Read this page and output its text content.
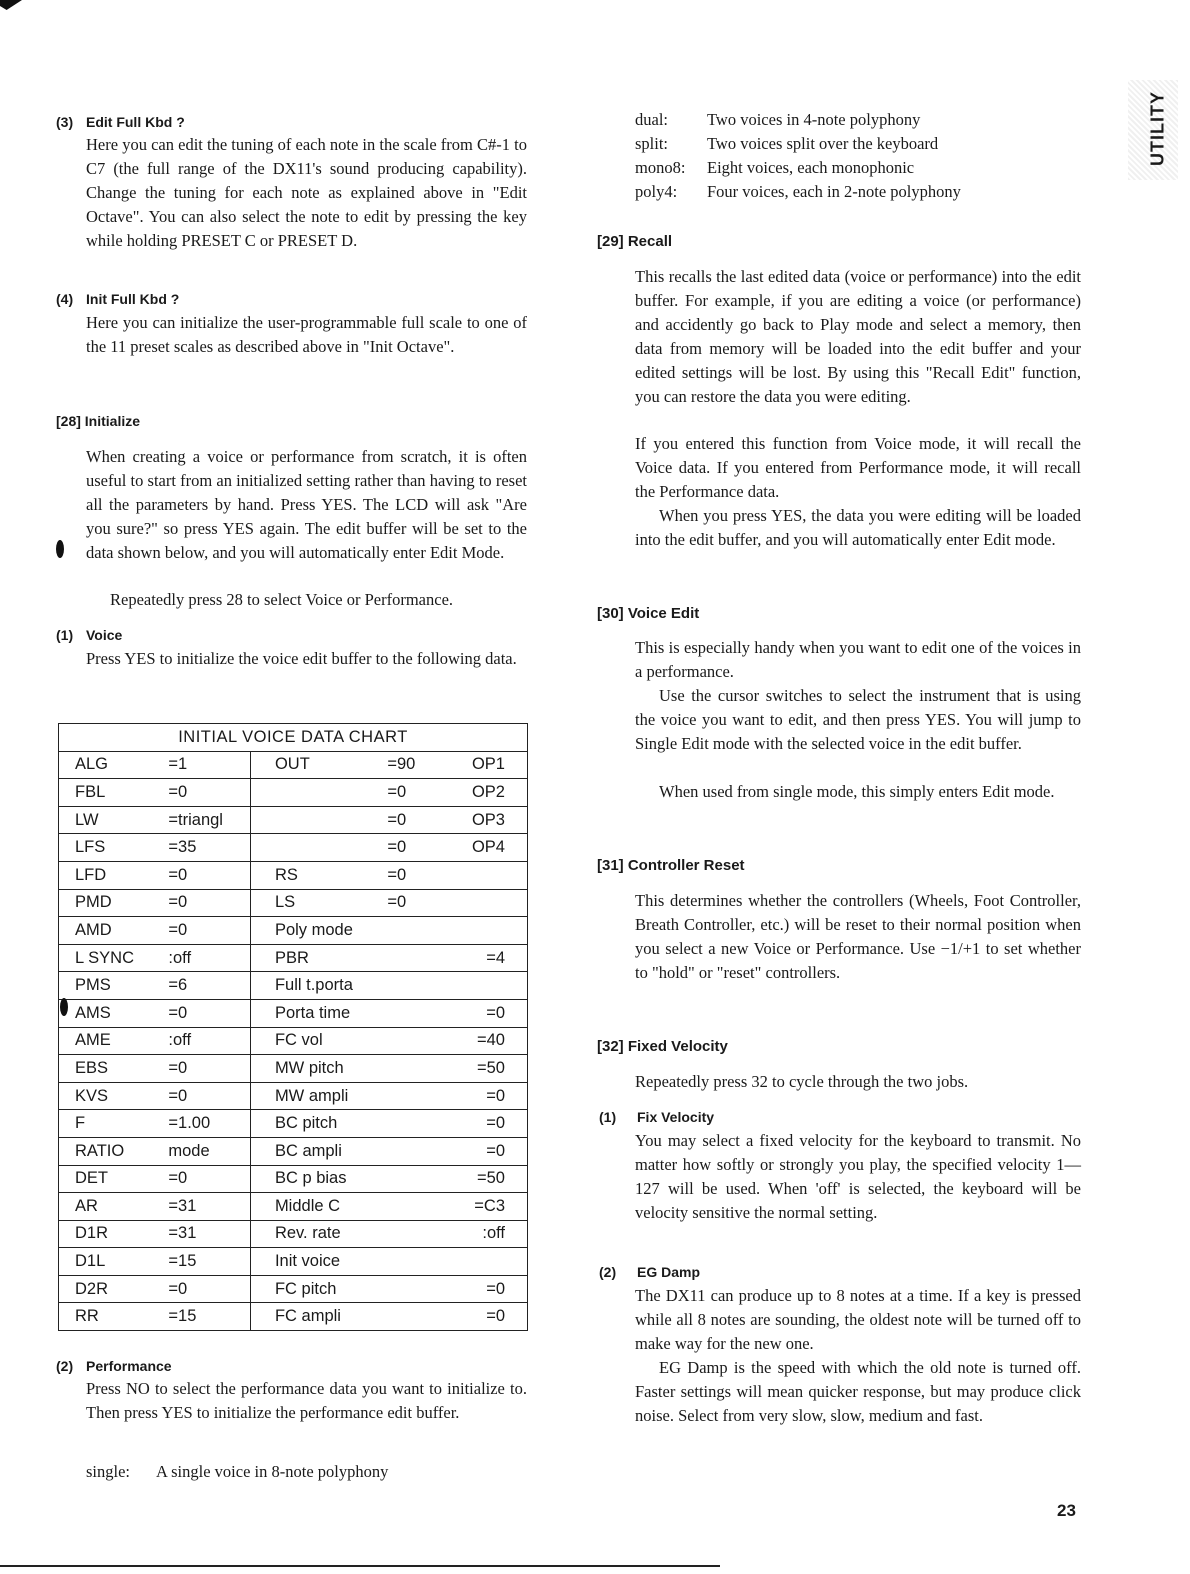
(3) Edit Full Kbd ?

Here you can edit the tuning of each note in the scale from C#-1 to C7 (the full range of the DX11's sound producing capability). Change the tuning for each note as explained above in "Edit Octave". You can also select the note to edit by pressing the key while holding PRESET C or PRESET D.

(4) Init Full Kbd ?

Here you can initialize the user-programmable full scale to one of the 11 preset scales as described above in "Init Octave".

[28] Initialize

When creating a voice or performance from scratch, it is often useful to start from an initialized setting rather than having to reset all the parameters by hand. Press YES. The LCD will ask "Are you sure?" so press YES again. The edit buffer will be set to the data shown below, and you will automatically enter Edit Mode.

Repeatedly press 28 to select Voice or Performance.

(1) Voice

Press YES to initialize the voice edit buffer to the following data.

INITIAL VOICE DATA CHART				
ALG	=1	OUT	=90	OP1
FBL	=0		=0	OP2
LW	=triangl		=0	OP3
LFS	=35		=0	OP4
LFD	=0	RS	=0	
PMD	=0	LS	=0	
AMD	=0	Poly mode		
L SYNC	:off	PBR		=4
PMS	=6	Full t.porta		
AMS	=0	Porta time		=0
AME	:off	FC vol		=40
EBS	=0	MW pitch		=50
KVS	=0	MW ampli		=0
F	=1.00	BC pitch		=0
RATIO	mode	BC ampli		=0
DET	=0	BC p bias		=50
AR	=31	Middle C		=C3
D1R	=31	Rev. rate		:off
D1L	=15	Init voice		
D2R	=0	FC pitch		=0
RR	=15	FC ampli		=0
(2) Performance

Press NO to select the performance data you want to initialize to. Then press YES to initialize the performance edit buffer.

single: A single voice in 8-note polyphony
dual:	Two voices in 4-note polyphony
split:	Two voices split over the keyboard
mono8:	Eight voices, each monophonic
poly4:	Four voices, each in 2-note polyphony
[29] Recall

This recalls the last edited data (voice or performance) into the edit buffer. For example, if you are editing a voice (or performance) and accidently go back to Play mode and select a memory, then data from memory will be loaded into the edit buffer and your edited settings will be lost. By using this "Recall Edit" function, you can restore the data you were editing.

If you entered this function from Voice mode, it will recall the Voice data. If you entered from Performance mode, it will recall the Performance data.

When you press YES, the data you were editing will be loaded into the edit buffer, and you will automatically enter Edit mode.

[30] Voice Edit

This is especially handy when you want to edit one of the voices in a performance.

Use the cursor switches to select the instrument that is using the voice you want to edit, and then press YES. You will jump to Single Edit mode with the selected voice in the edit buffer.

When used from single mode, this simply enters Edit mode.

[31] Controller Reset

This determines whether the controllers (Wheels, Foot Controller, Breath Controller, etc.) will be reset to their normal position when you select a new Voice or Performance. Use −1/+1 to set whether to "hold" or "reset" controllers.

[32] Fixed Velocity

Repeatedly press 32 to cycle through the two jobs.

(1) Fix Velocity

You may select a fixed velocity for the keyboard to transmit. No matter how softly or strongly you play, the specified velocity 1—127 will be used. When 'off' is selected, the keyboard will be velocity sensitive the normal setting.

(2) EG Damp

The DX11 can produce up to 8 notes at a time. If a key is pressed while all 8 notes are sounding, the oldest note will be turned off to make way for the new one.

EG Damp is the speed with which the old note is turned off. Faster settings will mean quicker response, but may produce click noise. Select from very slow, slow, medium and fast.

UTILITY
23
